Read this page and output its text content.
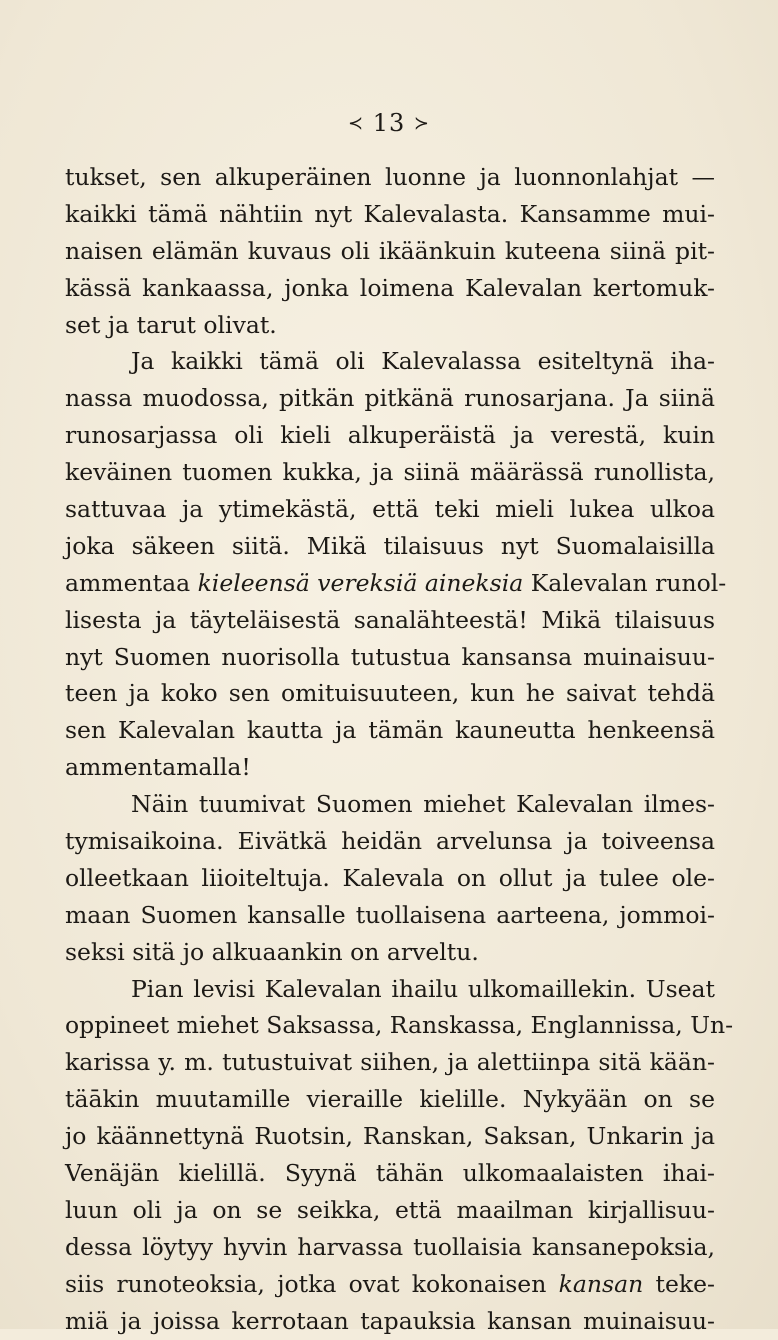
≺ 13 ≻
tukset, sen alkuperäinen luonne ja luonnonlahjat —
kaikki tämä nähtiin nyt Kalevalasta. Kansamme mui-
naisen elämän kuvaus oli ikäänkuin kuteena siinä pit-
kässä kankaassa, jonka loimena Kalevalan kertomuk-
set ja tarut olivat.
Ja kaikki tämä oli Kalevalassa esiteltynä iha-
nassa muodossa, pitkän pitkänä runosarjana. Ja siinä
runosarjassa oli kieli alkuperäistä ja verestä, kuin
keväinen tuomen kukka, ja siinä määrässä runollista,
sattuvaa ja ytimekästä, että teki mieli lukea ulkoa
joka säkeen siitä. Mikä tilaisuus nyt Suomalaisilla
ammentaa kieleensä vereksiä aineksia Kalevalan runol-
lisesta ja täyteläisestä sanalähteestä! Mikä tilaisuus
nyt Suomen nuorisolla tutustua kansansa muinaisuu-
teen ja koko sen omituisuuteen, kun he saivat tehdä
sen Kalevalan kautta ja tämän kauneutta henkeensä
ammentamalla!
Näin tuumivat Suomen miehet Kalevalan ilmes-
tymisaikoina. Eivätkä heidän arvelunsa ja toiveensa
olleetkaan liioiteltuja. Kalevala on ollut ja tulee ole-
maan Suomen kansalle tuollaisena aarteena, jommoi-
seksi sitä jo alkuaankin on arveltu.
Pian levisi Kalevalan ihailu ulkomaillekin. Useat
oppineet miehet Saksassa, Ranskassa, Englannissa, Un-
karissa y. m. tutustuivat siihen, ja alettiinpa sitä kään-
täākin muutamille vieraille kielille. Nykyään on se
jo käännettynä Ruotsin, Ranskan, Saksan, Unkarin ja
Venäjän kielillä. Syynä tähän ulkomaalaisten ihai-
luun oli ja on se seikka, että maailman kirjallisuu-
dessa löytyy hyvin harvassa tuollaisia kansanepoksia,
siis runoteoksia, jotka ovat kokonaisen kansan teke-
miä ja joissa kerrotaan tapauksia kansan muinaisuu-
